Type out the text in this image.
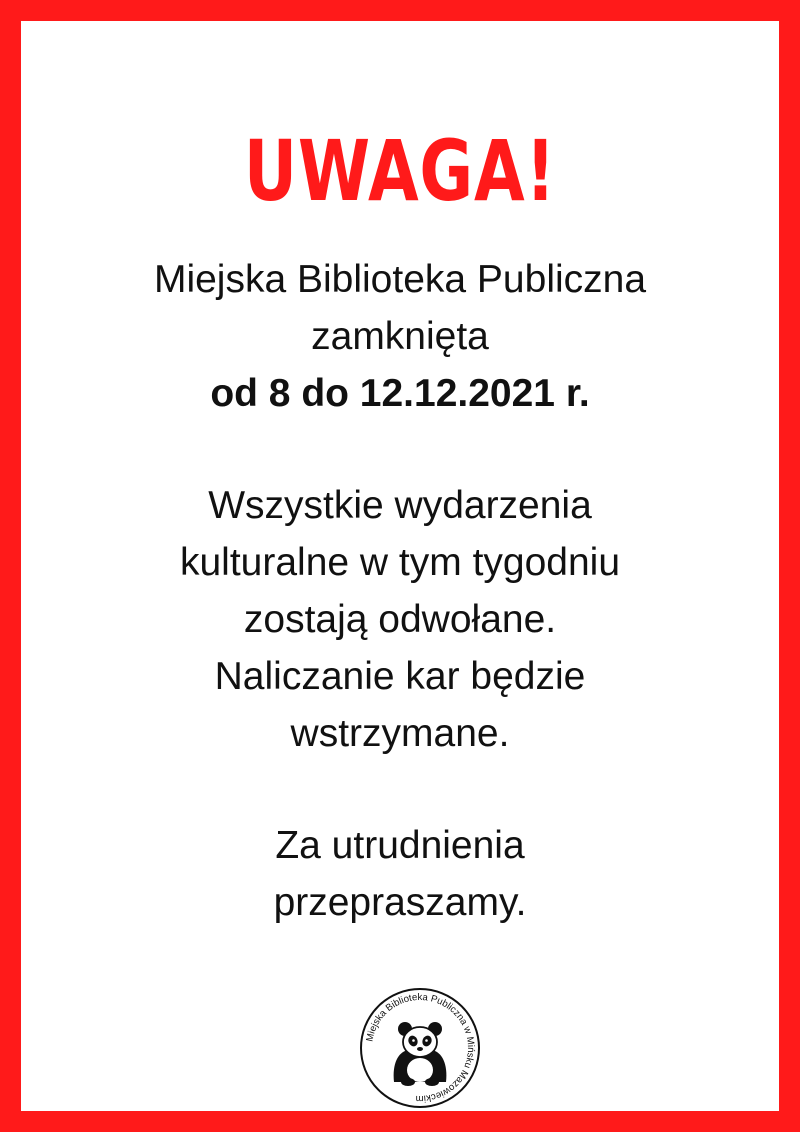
UWAGA!
Miejska Biblioteka Publiczna
zamknięta
od 8 do 12.12.2021 r.
Wszystkie wydarzenia
kulturalne w tym tygodniu
zostają odwołane.
Naliczanie kar będzie
wstrzymane.
Za utrudnienia
przepraszamy.
Miejska Biblioteka Publiczna w Mińsku Mazowieckim
